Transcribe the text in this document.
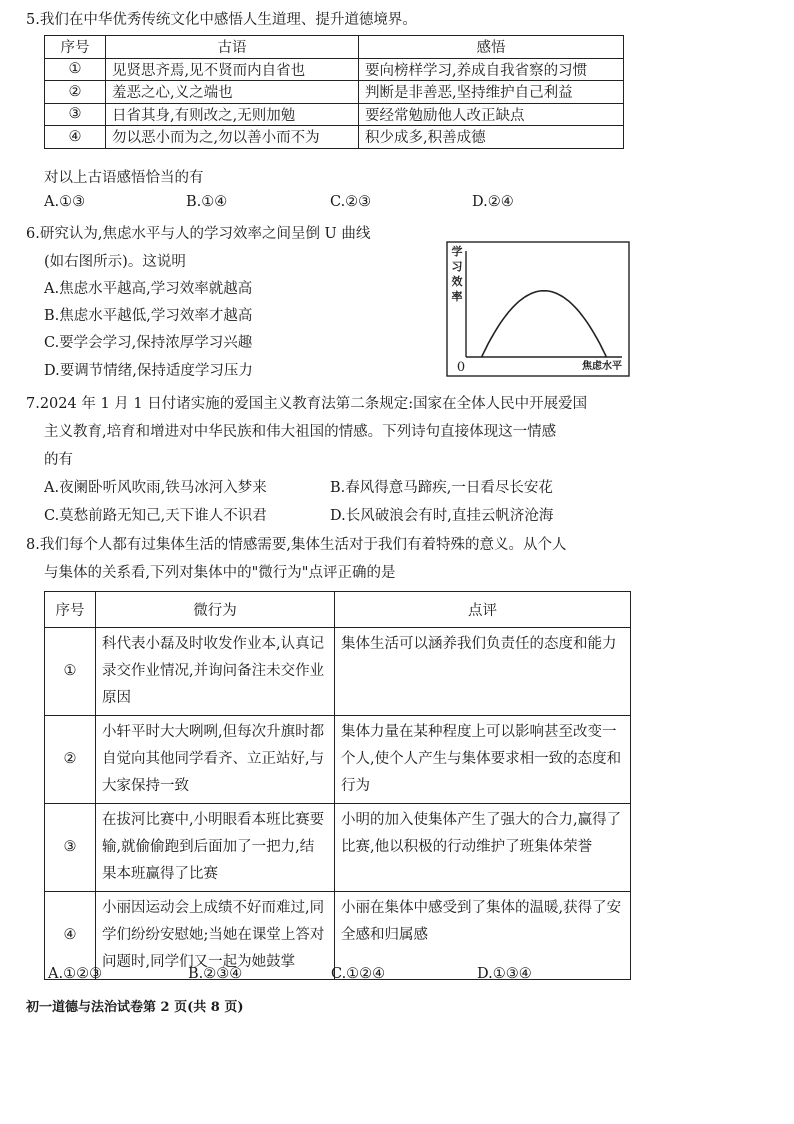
5.我们在中华优秀传统文化中感悟人生道理、提升道德境界。
序号	古语	感悟
①	见贤思齐焉,见不贤而内自省也	要向榜样学习,养成自我省察的习惯
②	羞恶之心,义之端也	判断是非善恶,坚持维护自己利益
③	日省其身,有则改之,无则加勉	要经常勉励他人改正缺点
④	勿以恶小而为之,勿以善小而不为	积少成多,积善成德
对以上古语感悟恰当的有
A.①③	B.①④	C.②③	D.②④
6.研究认为,焦虑水平与人的学习效率之间呈倒 U 曲线
(如右图所示)。这说明
A.焦虑水平越高,学习效率就越高
B.焦虑水平越低,学习效率才越高
C.要学会学习,保持浓厚学习兴趣
D.要调节情绪,保持适度学习压力
学
习
效
率
焦虑水平
0
7.2024 年 1 月 1 日付诸实施的爱国主义教育法第二条规定:国家在全体人民中开展爱国
主义教育,培育和增进对中华民族和伟大祖国的情感。下列诗句直接体现这一情感
的有
A.夜阑卧听风吹雨,铁马冰河入梦来	B.春风得意马蹄疾,一日看尽长安花
C.莫愁前路无知己,天下谁人不识君	D.长风破浪会有时,直挂云帆济沧海
8.我们每个人都有过集体生活的情感需要,集体生活对于我们有着特殊的意义。从个人
与集体的关系看,下列对集体中的"微行为"点评正确的是
序号	微行为	点评
①	科代表小磊及时收发作业本,认真记录交作业情况,并询问备注未交作业原因	集体生活可以涵养我们负责任的态度和能力
②	小轩平时大大咧咧,但每次升旗时都自觉向其他同学看齐、立正站好,与大家保持一致	集体力量在某种程度上可以影响甚至改变一个人,使个人产生与集体要求相一致的态度和行为
③	在拔河比赛中,小明眼看本班比赛要输,就偷偷跑到后面加了一把力,结果本班赢得了比赛	小明的加入使集体产生了强大的合力,赢得了比赛,他以积极的行动维护了班集体荣誉
④	小丽因运动会上成绩不好而难过,同学们纷纷安慰她;当她在课堂上答对问题时,同学们又一起为她鼓掌	小丽在集体中感受到了集体的温暖,获得了安全感和归属感
A.①②③	B.②③④	C.①②④	D.①③④
初一道德与法治试卷第 2 页(共 8 页)
